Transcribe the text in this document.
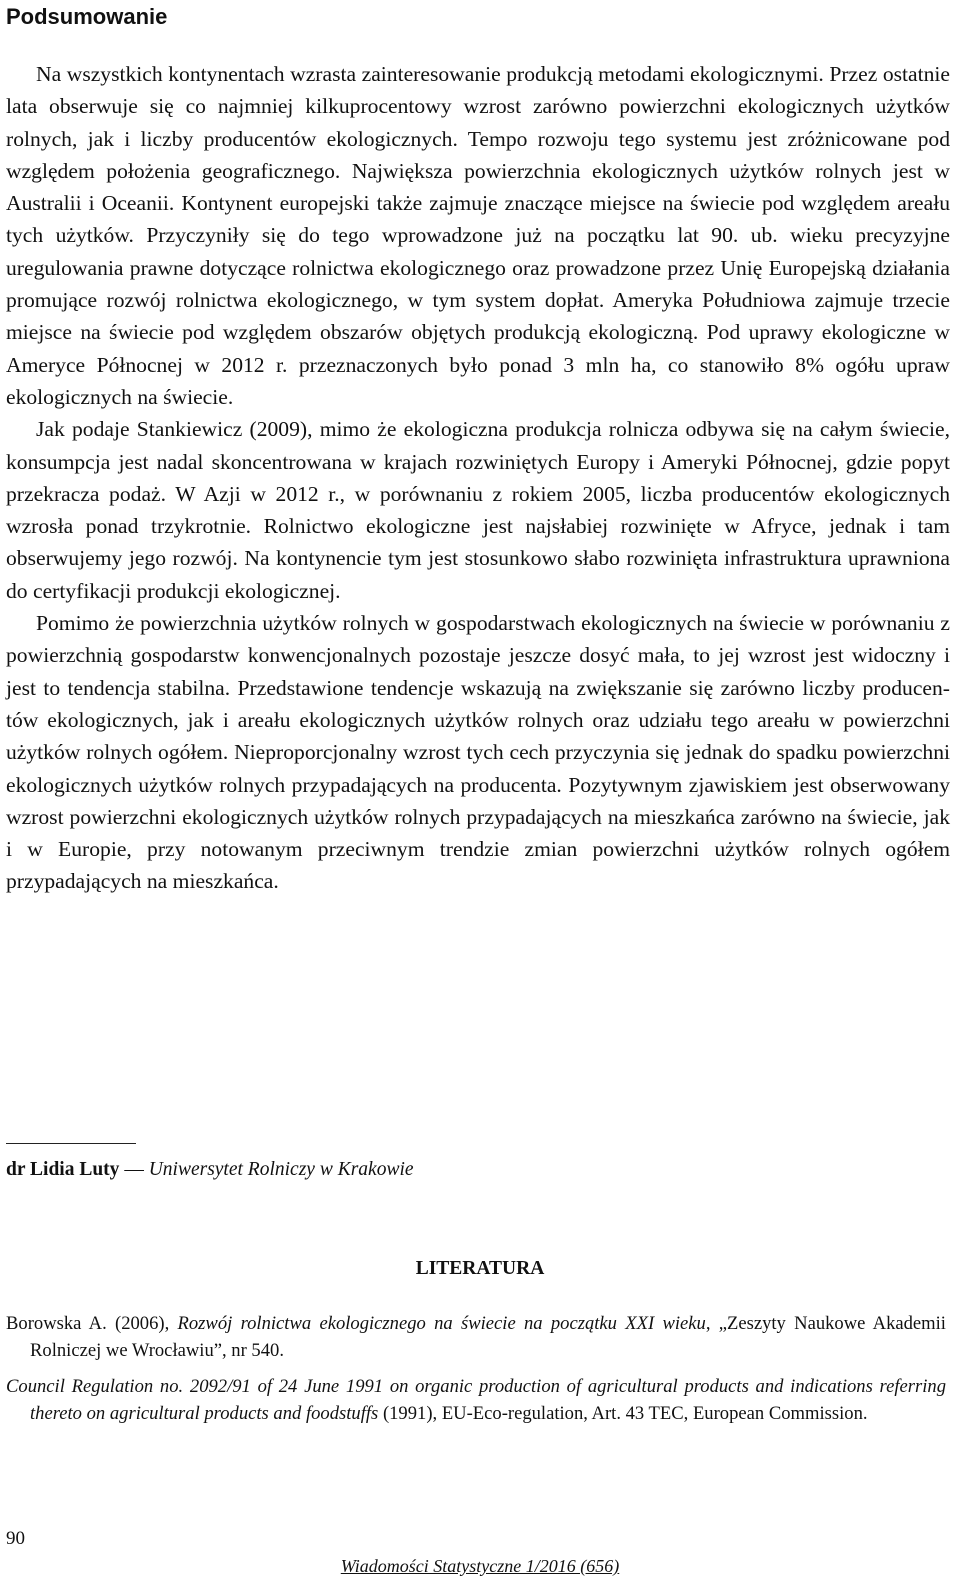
Podsumowanie

Na wszystkich kontynentach wzrasta zainteresowanie produkcją metodami ekologicznymi. Przez ostatnie lata obserwuje się co najmniej kilkuprocentowy wzrost zarówno powierzchni ekologicznych użytków rolnych, jak i liczby producentów ekologicznych. Tempo rozwoju tego systemu jest zróżnicowane pod względem położenia geograficznego. Największa powierzchnia ekologicznych użytków rolnych jest w Australii i Oceanii. Kontynent europejski także zajmuje znaczące miejsce na świecie pod względem areału tych użytków. Przyczyniły się do tego wprowadzone już na początku lat 90. ub. wieku precyzyjne uregulowania prawne dotyczące rolnictwa ekologicznego oraz prowadzone przez Unię Europejską działania promujące rozwój rolnictwa ekologicznego, w tym system dopłat. Ameryka Południowa zajmuje trzecie miejsce na świecie pod względem obszarów objętych produkcją ekologiczną. Pod uprawy ekologiczne w Ameryce Północnej w 2012 r. przeznaczonych było ponad 3 mln ha, co stanowiło 8% ogółu upraw ekologicznych na świecie.

Jak podaje Stankiewicz (2009), mimo że ekologiczna produkcja rolnicza odbywa się na całym świecie, konsumpcja jest nadal skoncentrowana w krajach rozwiniętych Europy i Ameryki Północnej, gdzie popyt przekracza podaż. W Azji w 2012 r., w porównaniu z rokiem 2005, liczba producentów ekologicznych wzrosła ponad trzykrotnie. Rolnictwo ekologiczne jest najsłabiej rozwinięte w Afryce, jednak i tam obserwujemy jego rozwój. Na kontynencie tym jest stosunkowo słabo rozwinięta infrastruktura uprawniona do certyfikacji produkcji ekologicznej.

Pomimo że powierzchnia użytków rolnych w gospodarstwach ekologicznych na świecie w porównaniu z powierzchnią gospodarstw konwencjonalnych pozostaje jeszcze dosyć mała, to jej wzrost jest widoczny i jest to tendencja stabilna. Przedstawione tendencje wskazują na zwiększanie się zarówno liczby producentów ekologicznych, jak i areału ekologicznych użytków rolnych oraz udziału tego areału w powierzchni użytków rolnych ogółem. Nieproporcjonalny wzrost tych cech przyczynia się jednak do spadku powierzchni ekologicznych użytków rolnych przypadających na producenta. Pozytywnym zjawiskiem jest obserwowany wzrost powierzchni ekologicznych użytków rolnych przypadających na mieszkańca zarówno na świecie, jak i w Europie, przy notowanym przeciwnym trendzie zmian powierzchni użytków rolnych ogółem przypadających na mieszkańca.

dr Lidia Luty — Uniwersytet Rolniczy w Krakowie
LITERATURA

Borowska A. (2006), Rozwój rolnictwa ekologicznego na świecie na początku XXI wieku, „Zeszyty Naukowe Akademii Rolniczej we Wrocławiu”, nr 540.

Council Regulation no. 2092/91 of 24 June 1991 on organic production of agricultural products and indications referring thereto on agricultural products and foodstuffs (1991), EU-Eco-regulation, Art. 43 TEC, European Commission.

90
Wiadomości Statystyczne 1/2016 (656)
